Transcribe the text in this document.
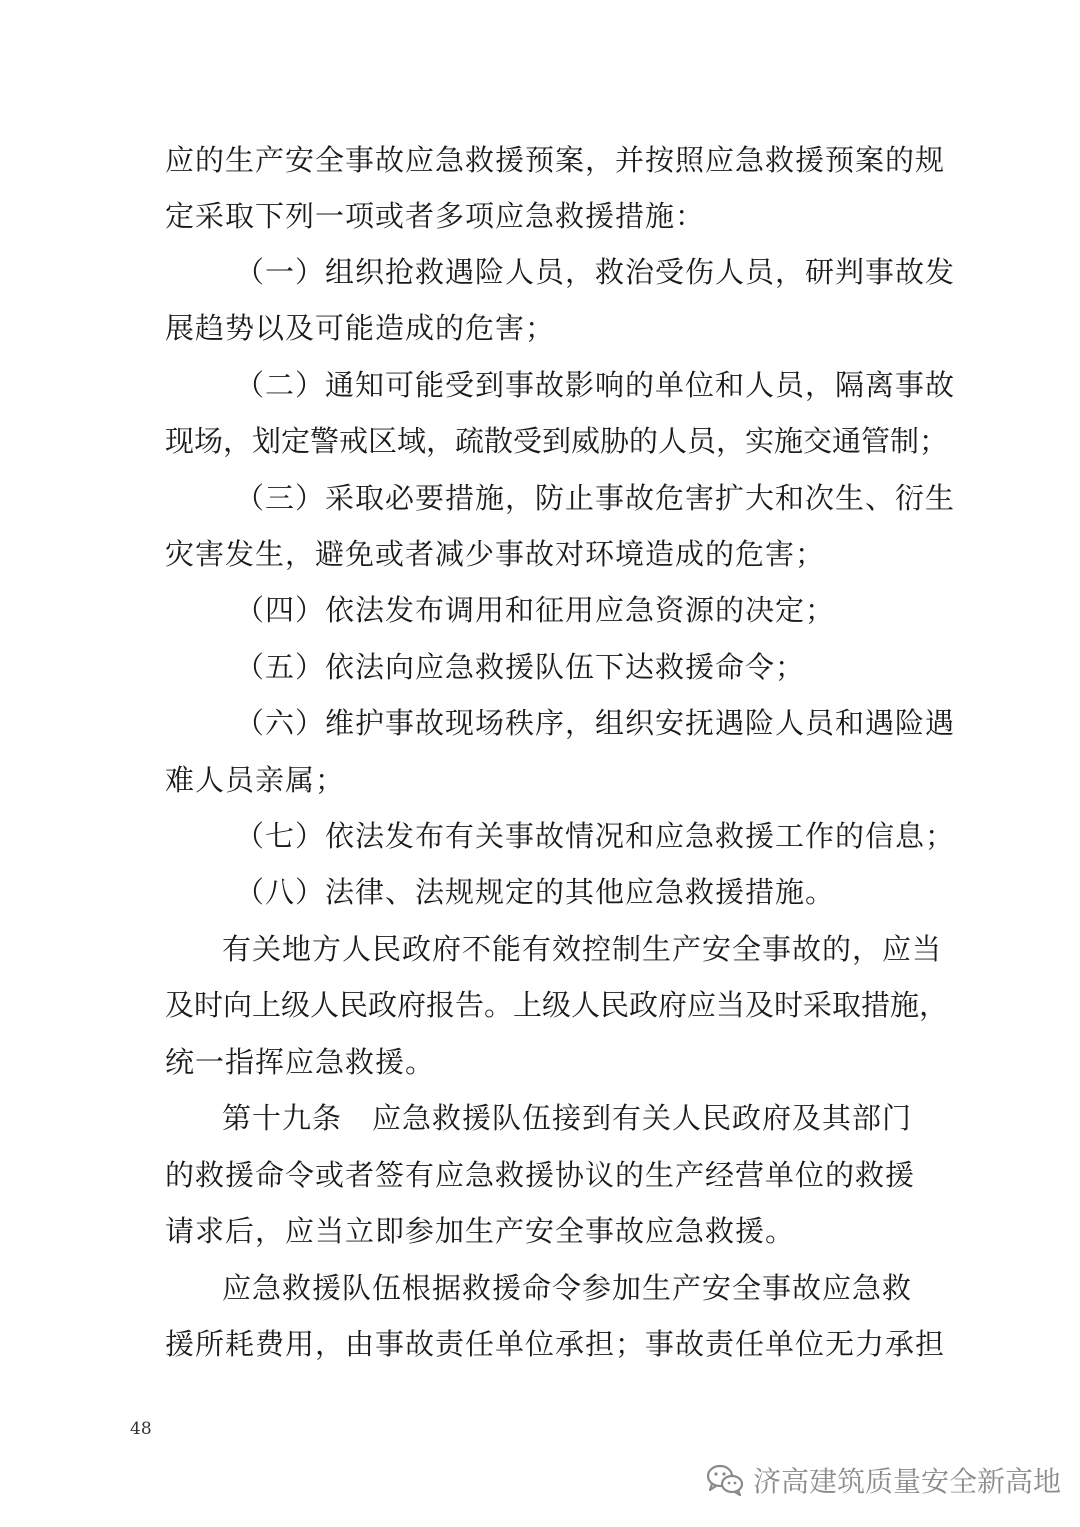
应的生产安全事故应急救援预案，并按照应急救援预案的规
定采取下列一项或者多项应急救援措施：
（一）组织抢救遇险人员，救治受伤人员，研判事故发
展趋势以及可能造成的危害；
（二）通知可能受到事故影响的单位和人员，隔离事故
现场，划定警戒区域，疏散受到威胁的人员，实施交通管制；
（三）采取必要措施，防止事故危害扩大和次生、衍生
灾害发生，避免或者减少事故对环境造成的危害；
（四）依法发布调用和征用应急资源的决定；
（五）依法向应急救援队伍下达救援命令；
（六）维护事故现场秩序，组织安抚遇险人员和遇险遇
难人员亲属；
（七）依法发布有关事故情况和应急救援工作的信息；
（八）法律、法规规定的其他应急救援措施。
有关地方人民政府不能有效控制生产安全事故的，应当
及时向上级人民政府报告。上级人民政府应当及时采取措施，
统一指挥应急救援。
第十九条　应急救援队伍接到有关人民政府及其部门
的救援命令或者签有应急救援协议的生产经营单位的救援
请求后，应当立即参加生产安全事故应急救援。
应急救援队伍根据救援命令参加生产安全事故应急救
援所耗费用，由事故责任单位承担；事故责任单位无力承担
48
济高建筑质量安全新高地
